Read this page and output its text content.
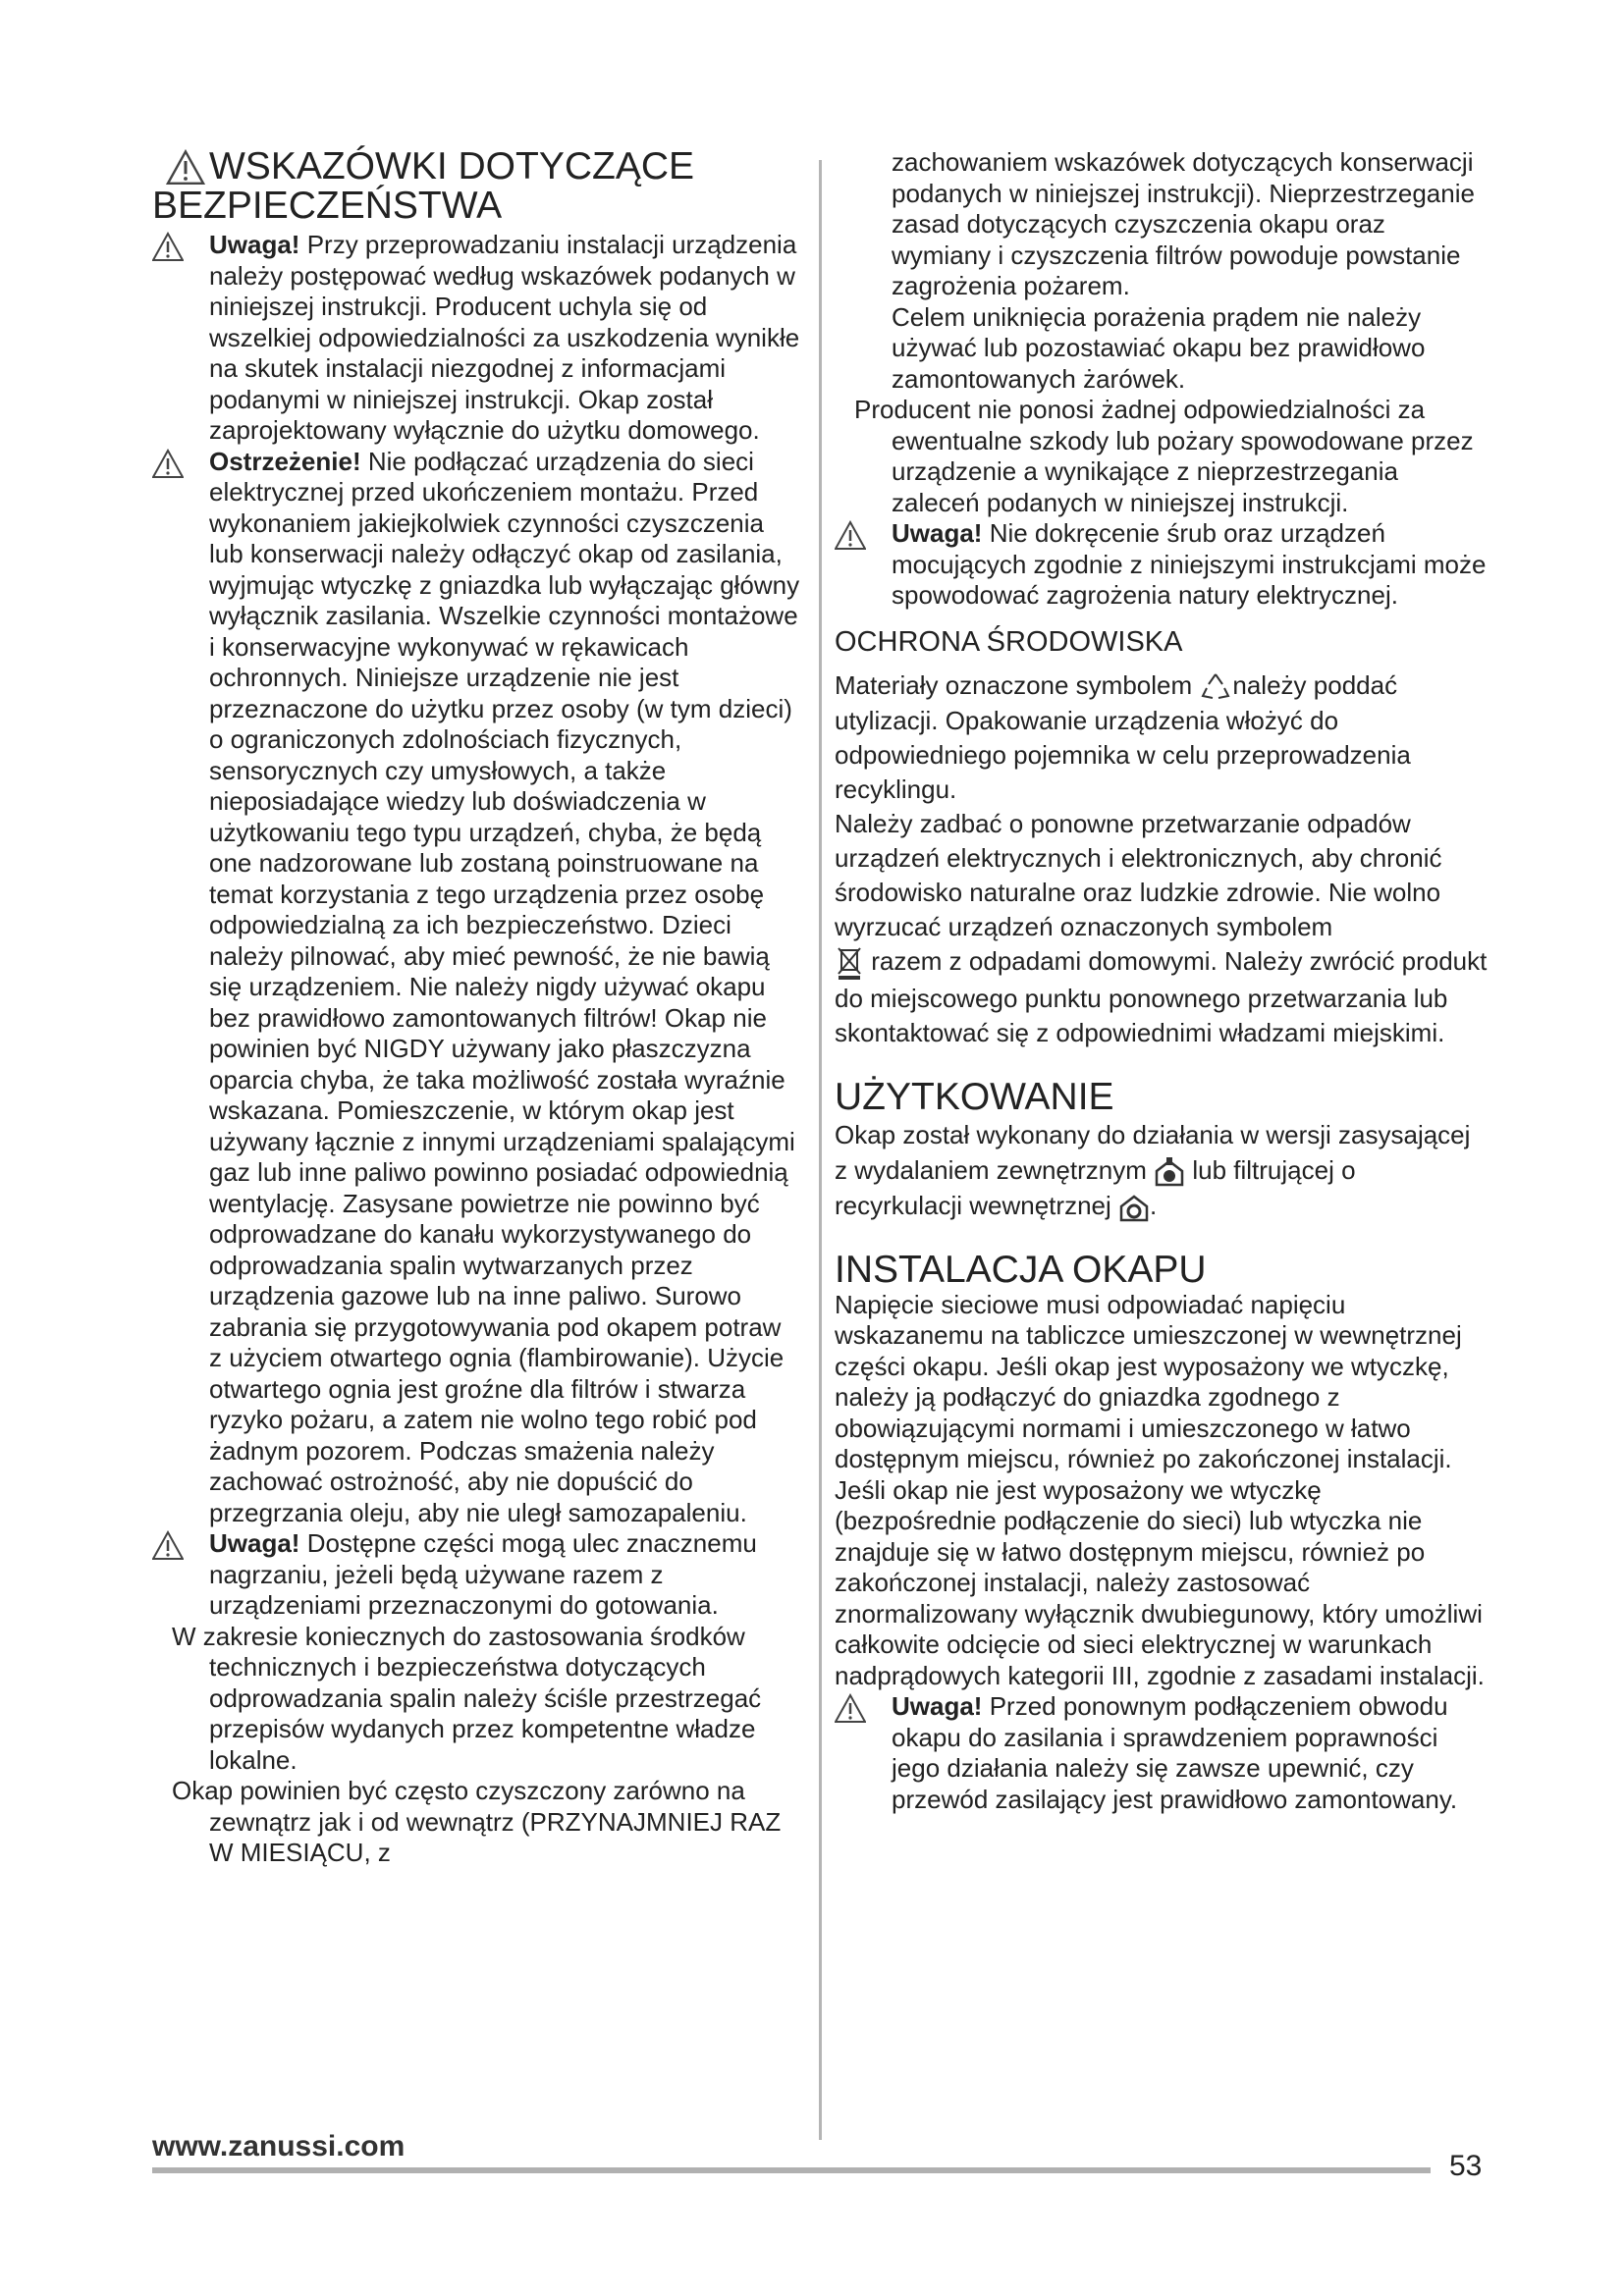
WSKAZÓWKI DOTYCZĄCE
BEZPIECZEŃSTWA

Uwaga! Przy przeprowadzaniu instalacji urządzenia należy postępować według wskazówek podanych w niniejszej instrukcji. Producent uchyla się od wszelkiej odpowiedzialności za uszkodzenia wynikłe na skutek instalacji niezgodnej z informacjami podanymi w niniejszej instrukcji. Okap został zaprojektowany wyłącznie do użytku domowego.

Ostrzeżenie! Nie podłączać urządzenia do sieci elektrycznej przed ukończeniem montażu. Przed wykonaniem jakiejkolwiek czynności czyszczenia lub konserwacji należy odłączyć okap od zasilania, wyjmując wtyczkę z gniazdka lub wyłączając główny wyłącznik zasilania. Wszelkie czynności montażowe i konserwacyjne wykonywać w rękawicach ochronnych. Niniejsze urządzenie nie jest przeznaczone do użytku przez osoby (w tym dzieci) o ograniczonych zdolnościach fizycznych, sensorycznych czy umysłowych, a także nieposiadające wiedzy lub doświadczenia w użytkowaniu tego typu urządzeń, chyba, że będą one nadzorowane lub zostaną poinstruowane na temat korzystania z tego urządzenia przez osobę odpowiedzialną za ich bezpieczeństwo. Dzieci należy pilnować, aby mieć pewność, że nie bawią się urządzeniem. Nie należy nigdy używać okapu bez prawidłowo zamontowanych filtrów! Okap nie powinien być NIGDY używany jako płaszczyzna oparcia chyba, że taka możliwość została wyraźnie wskazana. Pomieszczenie, w którym okap jest używany łącznie z innymi urządzeniami spalającymi gaz lub inne paliwo powinno posiadać odpowiednią wentylację. Zasysane powietrze nie powinno być odprowadzane do kanału wykorzystywanego do odprowadzania spalin wytwarzanych przez urządzenia gazowe lub na inne paliwo. Surowo zabrania się przygotowywania pod okapem potraw z użyciem otwartego ognia (flambirowanie). Użycie otwartego ognia jest groźne dla filtrów i stwarza ryzyko pożaru, a zatem nie wolno tego robić pod żadnym pozorem. Podczas smażenia należy zachować ostrożność, aby nie dopuścić do przegrzania oleju, aby nie uległ samozapaleniu.

Uwaga! Dostępne części mogą ulec znacznemu nagrzaniu, jeżeli będą używane razem z urządzeniami przeznaczonymi do gotowania.

W zakresie koniecznych do zastosowania środków technicznych i bezpieczeństwa dotyczących odprowadzania spalin należy ściśle przestrzegać przepisów wydanych przez kompetentne władze lokalne.

Okap powinien być często czyszczony zarówno na zewnątrz jak i od wewnątrz (PRZYNAJMNIEJ RAZ W MIESIĄCU, z

zachowaniem wskazówek dotyczących konserwacji podanych w niniejszej instrukcji). Nieprzestrzeganie zasad dotyczących czyszczenia okapu oraz wymiany i czyszczenia filtrów powoduje powstanie zagrożenia pożarem.

Celem uniknięcia porażenia prądem nie należy używać lub pozostawiać okapu bez prawidłowo zamontowanych żarówek.

Producent nie ponosi żadnej odpowiedzialności za ewentualne szkody lub pożary spowodowane przez urządzenie a wynikające z nieprzestrzegania zaleceń podanych w niniejszej instrukcji.

Uwaga! Nie dokręcenie śrub oraz urządzeń mocujących zgodnie z niniejszymi instrukcjami może spowodować zagrożenia natury elektrycznej.

OCHRONA ŚRODOWISKA

Materiały oznaczone symbolem należy poddać utylizacji. Opakowanie urządzenia włożyć do odpowiedniego pojemnika w celu przeprowadzenia recyklingu.

Należy zadbać o ponowne przetwarzanie odpadów urządzeń elektrycznych i elektronicznych, aby chronić środowisko naturalne oraz ludzkie zdrowie. Nie wolno wyrzucać urządzeń oznaczonych symbolem
razem z odpadami domowymi. Należy zwrócić produkt do miejscowego punktu ponownego przetwarzania lub skontaktować się z odpowiednimi władzami miejskimi.

UŻYTKOWANIE

Okap został wykonany do działania w wersji zasysającej z wydalaniem zewnętrznym  lub filtrującej o recyrkulacji wewnętrznej .

INSTALACJA OKAPU

Napięcie sieciowe musi odpowiadać napięciu wskazanemu na tabliczce umieszczonej w wewnętrznej części okapu. Jeśli okap jest wyposażony we wtyczkę, należy ją podłączyć do gniazdka zgodnego z obowiązującymi normami i umieszczonego w łatwo dostępnym miejscu, również po zakończonej instalacji.

Jeśli okap nie jest wyposażony we wtyczkę (bezpośrednie podłączenie do sieci) lub wtyczka nie znajduje się w łatwo dostępnym miejscu, również po zakończonej instalacji, należy zastosować znormalizowany wyłącznik dwubiegunowy, który umożliwi całkowite odcięcie od sieci elektrycznej w warunkach nadprądowych kategorii III, zgodnie z zasadami instalacji.

Uwaga! Przed ponownym podłączeniem obwodu okapu do zasilania i sprawdzeniem poprawności jego działania należy się zawsze upewnić, czy przewód zasilający jest prawidłowo zamontowany.

www.zanussi.com
53
